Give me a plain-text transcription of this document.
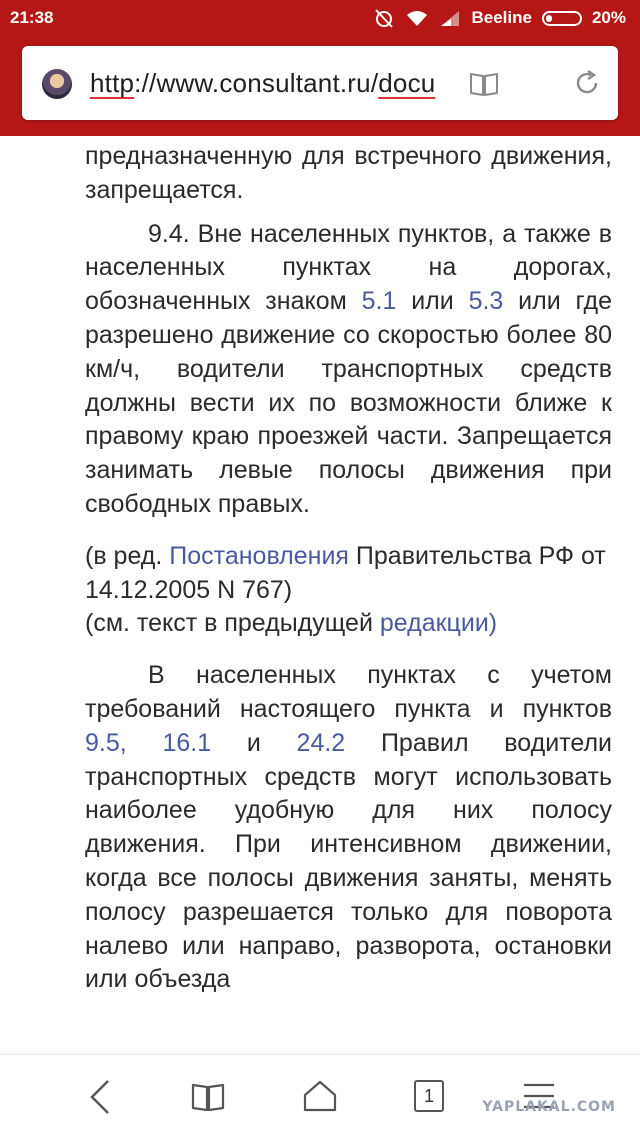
21:38	Beeline	20%
http://www.consultant.ru/docu

предназначенную для встречного движения, запрещается.

9.4. Вне населенных пунктов, а также в населенных пунктах на дорогах, обозначенных знаком 5.1 или 5.3 или где разрешено движение со скоростью более 80 км/ч, водители транспортных средств должны вести их по возможности ближе к правому краю проезжей части. Запрещается занимать левые полосы движения при свободных правых.

(в ред. Постановления Правительства РФ от 14.12.2005 N 767)

(см. текст в предыдущей редакции)

В населенных пунктах с учетом требований настоящего пункта и пунктов 9.5, 16.1 и 24.2 Правил водители транспортных средств могут использовать наиболее удобную для них полосу движения. При интенсивном движении, когда все полосы движения заняты, менять полосу разрешается только для поворота налево или направо, разворота, остановки или объезда

1
YAPLAKAL.COM
